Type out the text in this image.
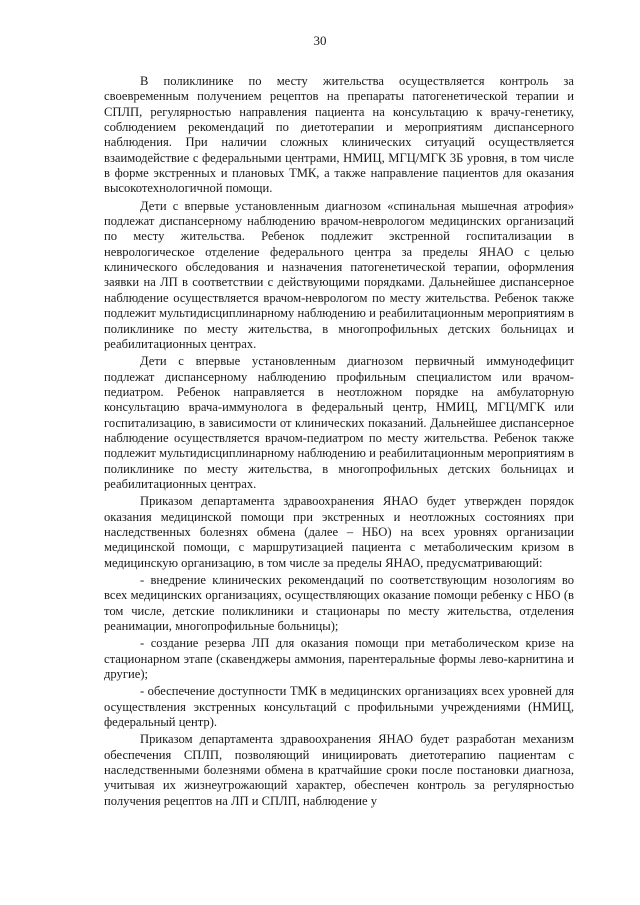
30

В поликлинике по месту жительства осуществляется контроль за своевременным получением рецептов на препараты патогенетической терапии и СПЛП, регулярностью направления пациента на консультацию к врачу-генетику, соблюдением рекомендаций по диетотерапии и мероприятиям диспансерного наблюдения. При наличии сложных клинических ситуаций осуществляется взаимодействие с федеральными центрами, НМИЦ, МГЦ/МГК 3Б уровня, в том числе в форме экстренных и плановых ТМК, а также направление пациентов для оказания высокотехнологичной помощи.

Дети с впервые установленным диагнозом «спинальная мышечная атрофия» подлежат диспансерному наблюдению врачом-неврологом медицинских организаций по месту жительства. Ребенок подлежит экстренной госпитализации в неврологическое отделение федерального центра за пределы ЯНАО с целью клинического обследования и назначения патогенетической терапии, оформления заявки на ЛП в соответствии с действующими порядками. Дальнейшее диспансерное наблюдение осуществляется врачом-неврологом по месту жительства. Ребенок также подлежит мультидисциплинарному наблюдению и реабилитационным мероприятиям в поликлинике по месту жительства, в многопрофильных детских больницах и реабилитационных центрах.

Дети с впервые установленным диагнозом первичный иммунодефицит подлежат диспансерному наблюдению профильным специалистом или врачом-педиатром. Ребенок направляется в неотложном порядке на амбулаторную консультацию врача-иммунолога в федеральный центр, НМИЦ, МГЦ/МГК или госпитализацию, в зависимости от клинических показаний. Дальнейшее диспансерное наблюдение осуществляется врачом-педиатром по месту жительства. Ребенок также подлежит мультидисциплинарному наблюдению и реабилитационным мероприятиям в поликлинике по месту жительства, в многопрофильных детских больницах и реабилитационных центрах.

Приказом департамента здравоохранения ЯНАО будет утвержден порядок оказания медицинской помощи при экстренных и неотложных состояниях при наследственных болезнях обмена (далее – НБО) на всех уровнях организации медицинской помощи, с маршрутизацией пациента с метаболическим кризом в медицинскую организацию, в том числе за пределы ЯНАО, предусматривающий:

- внедрение клинических рекомендаций по соответствующим нозологиям во всех медицинских организациях, осуществляющих оказание помощи ребенку с НБО (в том числе, детские поликлиники и стационары по месту жительства, отделения реанимации, многопрофильные больницы);

- создание резерва ЛП для оказания помощи при метаболическом кризе на стационарном этапе (скавенджеры аммония, парентеральные формы лево-карнитина и другие);

- обеспечение доступности ТМК в медицинских организациях всех уровней для осуществления экстренных консультаций с профильными учреждениями (НМИЦ, федеральный центр).

Приказом департамента здравоохранения ЯНАО будет разработан механизм обеспечения СПЛП, позволяющий инициировать диетотерапию пациентам с наследственными болезнями обмена в кратчайшие сроки после постановки диагноза, учитывая их жизнеугрожающий характер, обеспечен контроль за регулярностью получения рецептов на ЛП и СПЛП, наблюдение у
